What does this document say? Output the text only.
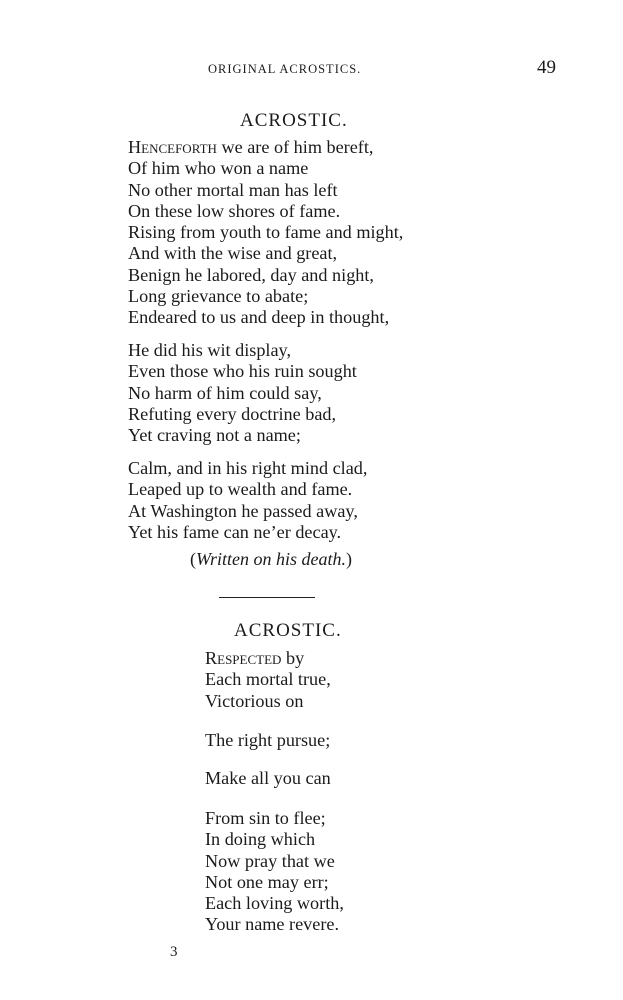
ORIGINAL ACROSTICS.	49
ACROSTIC.
Henceforth we are of him bereft,
Of him who won a name
No other mortal man has left
On these low shores of fame.
Rising from youth to fame and might,
And with the wise and great,
Benign he labored, day and night,
Long grievance to abate;
Endeared to us and deep in thought,
He did his wit display,
Even those who his ruin sought
No harm of him could say,
Refuting every doctrine bad,
Yet craving not a name;
Calm, and in his right mind clad,
Leaped up to wealth and fame.
At Washington he passed away,
Yet his fame can ne’er decay.
(Written on his death.)
ACROSTIC.
Respected by
Each mortal true,
Victorious on
The right pursue;
Make all you can
From sin to flee;
In doing which
Now pray that we
Not one may err;
Each loving worth,
Your name revere.
3
